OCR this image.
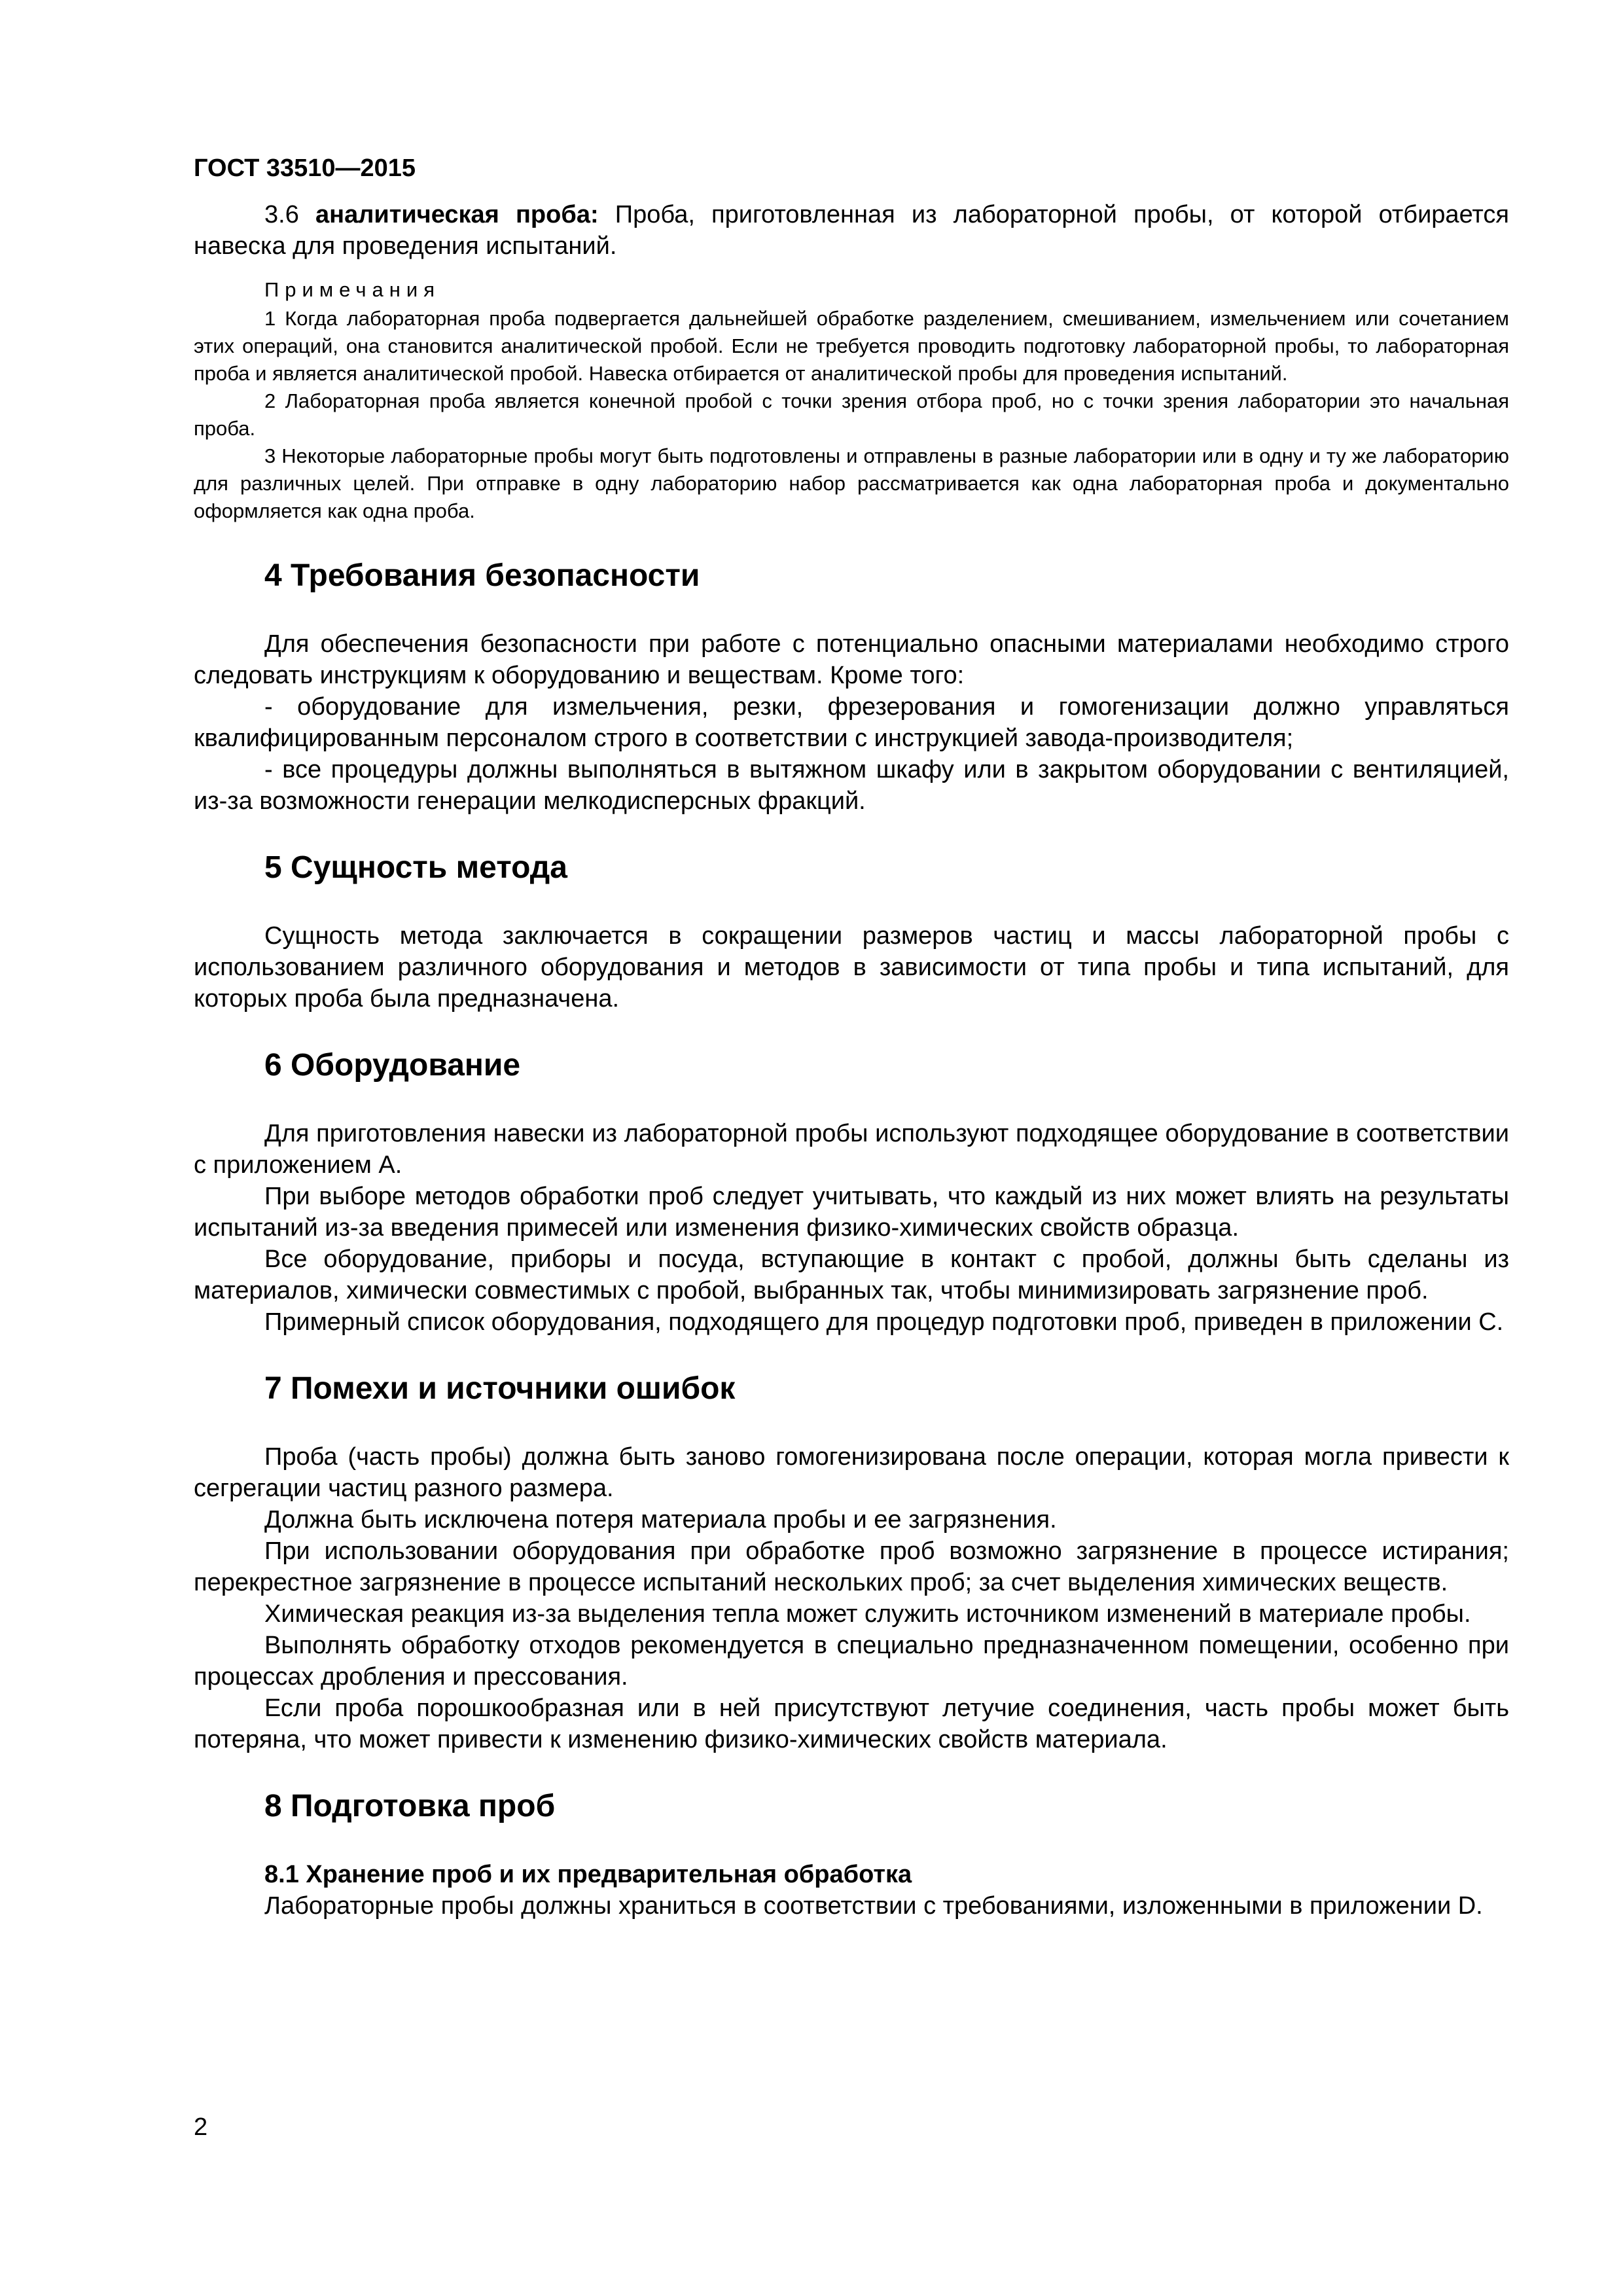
ГОСТ 33510—2015

3.6 аналитическая проба: Проба, приготовленная из лабораторной пробы, от которой отбирается навеска для проведения испытаний.

Примечания

1 Когда лабораторная проба подвергается дальнейшей обработке разделением, смешиванием, измельчением или сочетанием этих операций, она становится аналитической пробой. Если не требуется проводить подготовку лабораторной пробы, то лабораторная проба и является аналитической пробой. Навеска отбирается от аналитической пробы для проведения испытаний.

2 Лабораторная проба является конечной пробой с точки зрения отбора проб, но с точки зрения лаборатории это начальная проба.

3 Некоторые лабораторные пробы могут быть подготовлены и отправлены в разные лаборатории или в одну и ту же лабораторию для различных целей. При отправке в одну лабораторию набор рассматривается как одна лабораторная проба и документально оформляется как одна проба.

4 Требования безопасности

Для обеспечения безопасности при работе с потенциально опасными материалами необходимо строго следовать инструкциям к оборудованию и веществам. Кроме того:

- оборудование для измельчения, резки, фрезерования и гомогенизации должно управляться квалифицированным персоналом строго в соответствии с инструкцией завода-производителя;

- все процедуры должны выполняться в вытяжном шкафу или в закрытом оборудовании с вентиляцией, из-за возможности генерации мелкодисперсных фракций.

5 Сущность метода

Сущность метода заключается в сокращении размеров частиц и массы лабораторной пробы с использованием различного оборудования и методов в зависимости от типа пробы и типа испытаний, для которых проба была предназначена.

6 Оборудование

Для приготовления навески из лабораторной пробы используют подходящее оборудование в соответствии с приложением А.

При выборе методов обработки проб следует учитывать, что каждый из них может влиять на результаты испытаний из-за введения примесей или изменения физико-химических свойств образца.

Все оборудование, приборы и посуда, вступающие в контакт с пробой, должны быть сделаны из материалов, химически совместимых с пробой, выбранных так, чтобы минимизировать загрязнение проб.

Примерный список оборудования, подходящего для процедур подготовки проб, приведен в приложении С.

7 Помехи и источники ошибок

Проба (часть пробы) должна быть заново гомогенизирована после операции, которая могла привести к сегрегации частиц разного размера.

Должна быть исключена потеря материала пробы и ее загрязнения.

При использовании оборудования при обработке проб возможно загрязнение в процессе истирания; перекрестное загрязнение в процессе испытаний нескольких проб; за счет выделения химических веществ.

Химическая реакция из-за выделения тепла может служить источником изменений в материале пробы.

Выполнять обработку отходов рекомендуется в специально предназначенном помещении, особенно при процессах дробления и прессования.

Если проба порошкообразная или в ней присутствуют летучие соединения, часть пробы может быть потеряна, что может привести к изменению физико-химических свойств материала.

8 Подготовка проб
8.1 Хранение проб и их предварительная обработка

Лабораторные пробы должны храниться в соответствии с требованиями, изложенными в приложении D.

2
